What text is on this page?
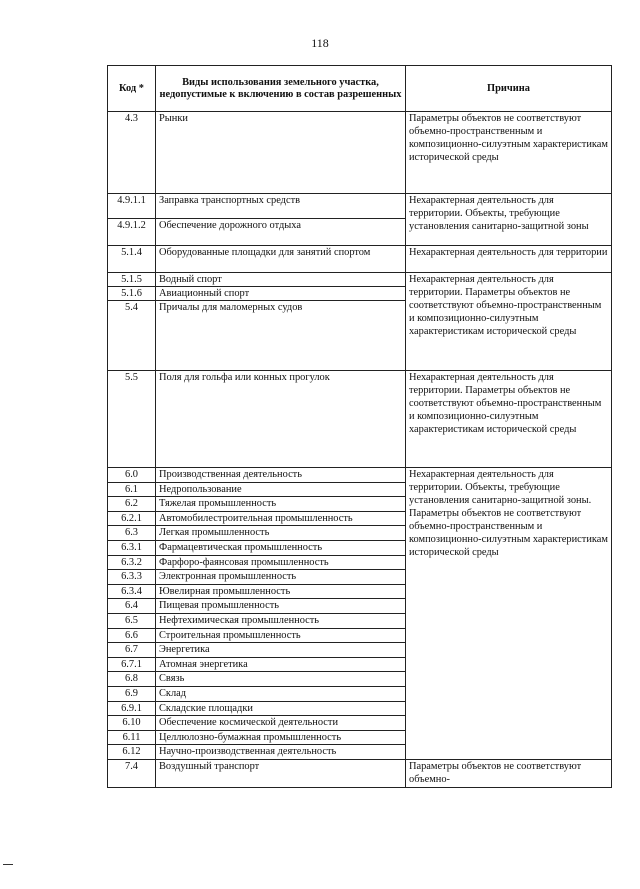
118
Код *	Виды использования земельного участка, недопустимые к включению в состав разрешенных	Причина
4.3	Рынки	Параметры объектов не соответствуют объемно-пространственным и композиционно-силуэтным характеристикам исторической среды
4.9.1.1	Заправка транспортных средств	Нехарактерная деятельность для территории. Объекты, требующие установления санитарно-защитной зоны
4.9.1.2	Обеспечение дорожного отдыха	
5.1.4	Оборудованные площадки для занятий спортом	Нехарактерная деятельность для территории
5.1.5	Водный спорт	Нехарактерная деятельность для территории. Параметры объектов не соответствуют объемно-пространственным и композиционно-силуэтным характеристикам исторической среды
5.1.6	Авиационный спорт	
5.4	Причалы для маломерных судов	
5.5	Поля для гольфа или конных прогулок	Нехарактерная деятельность для территории. Параметры объектов не соответствуют объемно-пространственным и композиционно-силуэтным характеристикам исторической среды
6.0	Производственная деятельность	Нехарактерная деятельность для территории. Объекты, требующие установления санитарно-защитной зоны. Параметры объектов не соответствуют объемно-пространственным и композиционно-силуэтным характеристикам исторической среды
6.1	Недропользование	
6.2	Тяжелая промышленность	
6.2.1	Автомобилестроительная промышленность	
6.3	Легкая промышленность	
6.3.1	Фармацевтическая промышленность	
6.3.2	Фарфоро-фаянсовая промышленность	
6.3.3	Электронная промышленность	
6.3.4	Ювелирная промышленность	
6.4	Пищевая промышленность	
6.5	Нефтехимическая промышленность	
6.6	Строительная промышленность	
6.7	Энергетика	
6.7.1	Атомная энергетика	
6.8	Связь	
6.9	Склад	
6.9.1	Складские площадки	
6.10	Обеспечение космической деятельности	
6.11	Целлюлозно-бумажная промышленность	
6.12	Научно-производственная деятельность	
7.4	Воздушный транспорт	Параметры объектов не соответствуют объемно-
